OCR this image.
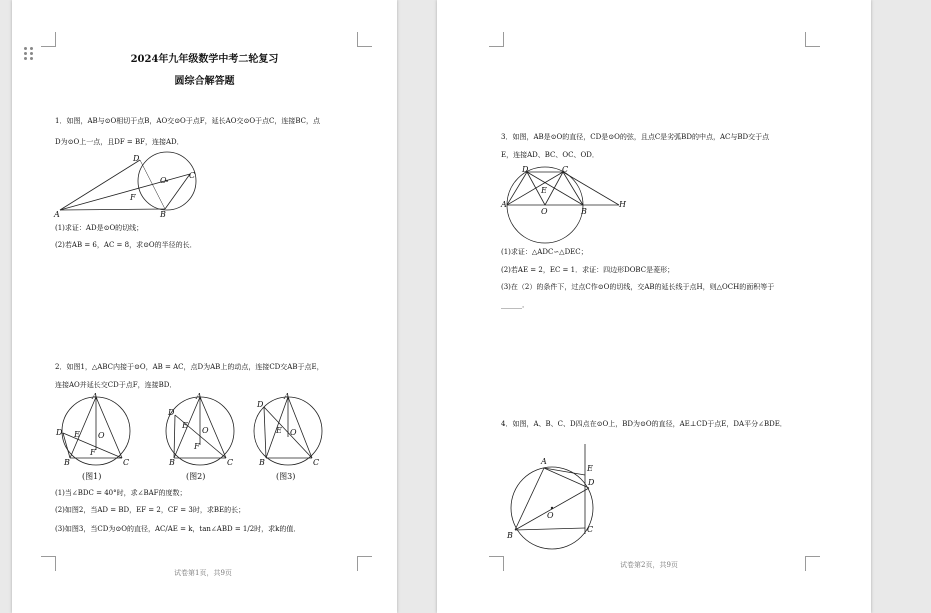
2024年九年级数学中考二轮复习
圆综合解答题
1．如图，AB与⊙O相切于点B，AO交⊙O于点F，延长AO交⊙O于点C，连接BC，点
D为⊙O上一点，且DF = BF，连接AD．
D
O
C
F
A	B
(1)求证：AD是⊙O的切线；
(2)若AB = 6，AC = 8，求⊙O的半径的长．
2．如图1，△ABC内接于⊙O，AB = AC，点D为AB上的动点，连接CD交AB于点E，
连接AO并延长交CD于点F，连接BD．
A
D E O
F
B	C
A
D
E
O
F
B	C
A
D
E O
B	C
(图1)	(图2)	(图3)
(1)当∠BDC = 40°时，求∠BAF的度数；
(2)如图2，当AD = BD，EF = 2，CF = 3时，求BE的长；
(3)如图3，当CD为⊙O的直径，AC/AE = k，tan∠ABD = 1/2时，求k的值．
试卷第1页，共9页
3．如图，AB是⊙O的直径，CD是⊙O的弦，且点C是劣弧BD的中点，AC与BD交于点
E，连接AD、BC、OC、OD．
D	C
E
A
O	B
H
(1)求证：△ADC∽△DEC；
(2)若AE = 2，EC = 1．求证：四边形DOBC是菱形；
(3)在（2）的条件下，过点C作⊙O的切线，交AB的延长线于点H，则△OCH的面积等于
______．
4．如图，A、B、C、D四点在⊙O上，BD为⊙O的直径，AE⊥CD于点E，DA平分∠BDE．
A
E
D
O
B
C
试卷第2页，共9页
